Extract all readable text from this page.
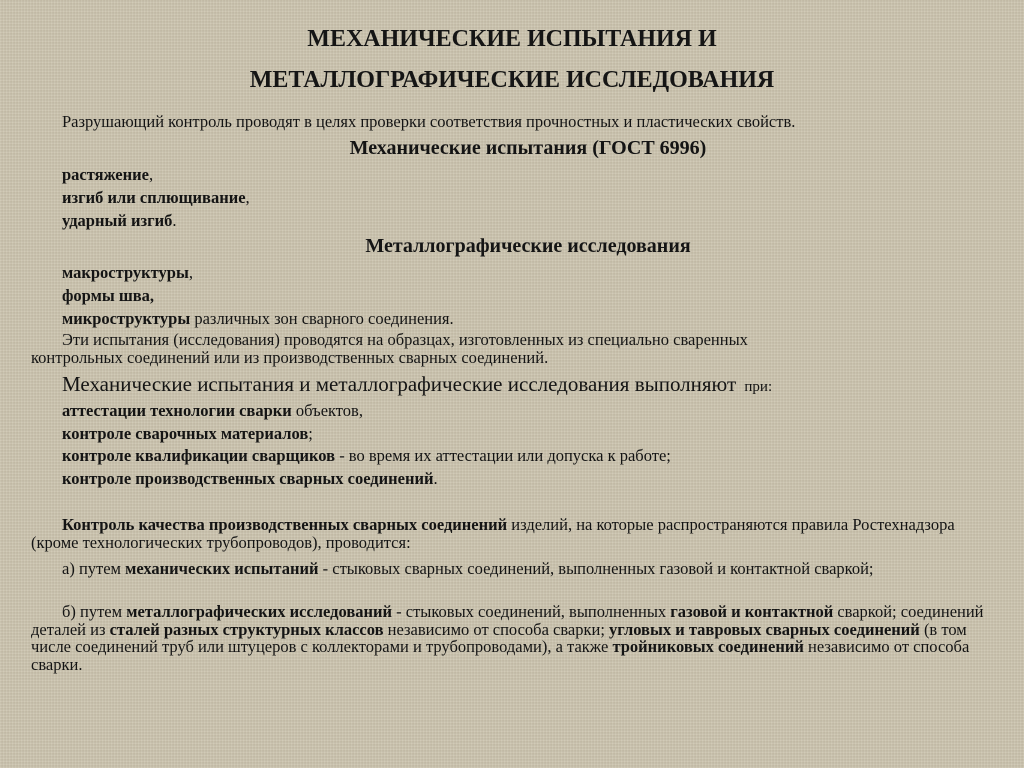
МЕХАНИЧЕСКИЕ ИСПЫТАНИЯ И
МЕТАЛЛОГРАФИЧЕСКИЕ ИССЛЕДОВАНИЯ
Разрушающий контроль проводят в целях проверки соответствия прочностных и пластических свойств.
Механические испытания (ГОСТ 6996)
растяжение,
изгиб или сплющивание,
ударный изгиб.
Металлографические исследования
макроструктуры,
формы шва,
микроструктуры различных зон сварного соединения.
Эти испытания (исследования) проводятся на образцах, изготовленных из специально сваренных
контрольных соединений или из производственных сварных соединений.
Механические испытания и металлографические исследования выполняют при:
аттестации технологии сварки объектов,
контроле сварочных материалов;
контроле квалификации сварщиков - во время их аттестации или допуска к работе;
контроле производственных сварных соединений.
Контроль качества производственных сварных соединений изделий, на которые распространяются правила Ростехнадзора (кроме технологических трубопроводов), проводится:
а) путем механических испытаний - стыковых сварных соединений, выполненных газовой и контактной сваркой;
б) путем металлографических исследований - стыковых соединений, выполненных газовой и контактной сваркой; соединений деталей из сталей разных структурных классов независимо от способа сварки; угловых и тавровых сварных соединений (в том числе соединений труб или штуцеров с коллекторами и трубопроводами), а также тройниковых соединений независимо от способа сварки.
